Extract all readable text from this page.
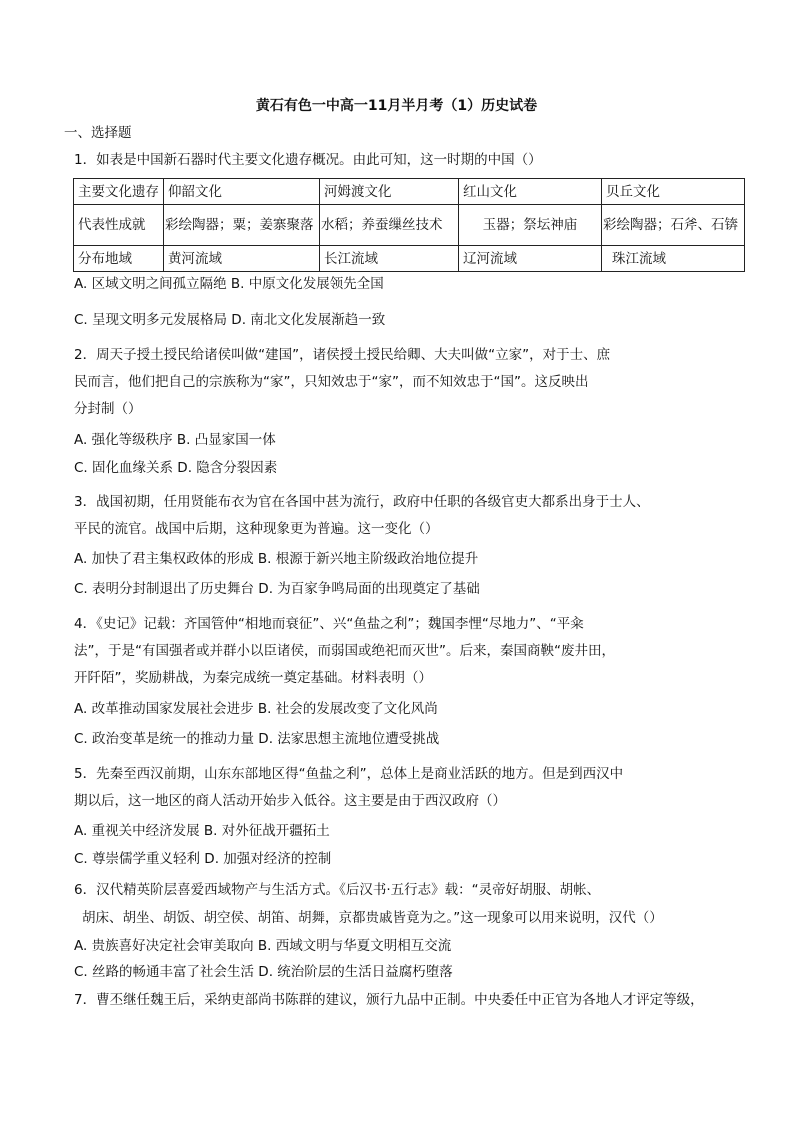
黄石有色一中高一11月半月考（1）历史试卷
一、选择题
1．如表是中国新石器时代主要文化遗存概况。由此可知，这一时期的中国（）
主要文化遗存	仰韶文化	河姆渡文化	红山文化	贝丘文化
代表性成就	彩绘陶器；粟；姜寨聚落	水稻；养蚕缫丝技术	玉器；祭坛神庙	彩绘陶器；石斧、石锛
分布地域	黄河流域	长江流域	辽河流域	珠江流域
A. 区域文明之间孤立隔绝 B. 中原文化发展领先全国
C. 呈现文明多元发展格局 D. 南北文化发展渐趋一致
2．周天子授土授民给诸侯叫做“建国”，诸侯授土授民给卿、大夫叫做“立家”，对于士、庶
民而言，他们把自己的宗族称为“家”，只知效忠于“家”，而不知效忠于“国”。这反映出
分封制（）
A. 强化等级秩序 B. 凸显家国一体
C. 固化血缘关系 D. 隐含分裂因素
3．战国初期，任用贤能布衣为官在各国中甚为流行，政府中任职的各级官吏大都系出身于士人、
平民的流官。战国中后期，这种现象更为普遍。这一变化（）
A. 加快了君主集权政体的形成 B. 根源于新兴地主阶级政治地位提升
C. 表明分封制退出了历史舞台 D. 为百家争鸣局面的出现奠定了基础
4．《史记》记载：齐国管仲“相地而衰征”、兴“鱼盐之利”；魏国李悝“尽地力”、“平籴
法”，于是“有国强者或并群小以臣诸侯，而弱国或绝祀而灭世”。后来，秦国商鞅“废井田，
开阡陌”，奖励耕战，为秦完成统一奠定基础。材料表明（）
A. 改革推动国家发展社会进步 B. 社会的发展改变了文化风尚
C. 政治变革是统一的推动力量 D. 法家思想主流地位遭受挑战
5．先秦至西汉前期，山东东部地区得“鱼盐之利”，总体上是商业活跃的地方。但是到西汉中
期以后，这一地区的商人活动开始步入低谷。这主要是由于西汉政府（）
A. 重视关中经济发展 B. 对外征战开疆拓土
C. 尊崇儒学重义轻利 D. 加强对经济的控制
6．汉代精英阶层喜爱西域物产与生活方式。《后汉书·五行志》载：“灵帝好胡服、胡帐、
胡床、胡坐、胡饭、胡空侯、胡笛、胡舞，京都贵戚皆竟为之。”这一现象可以用来说明，汉代（）
A. 贵族喜好决定社会审美取向 B. 西域文明与华夏文明相互交流
C. 丝路的畅通丰富了社会生活 D. 统治阶层的生活日益腐朽堕落
7．曹丕继任魏王后，采纳吏部尚书陈群的建议，颁行九品中正制。中央委任中正官为各地人才评定等级，
